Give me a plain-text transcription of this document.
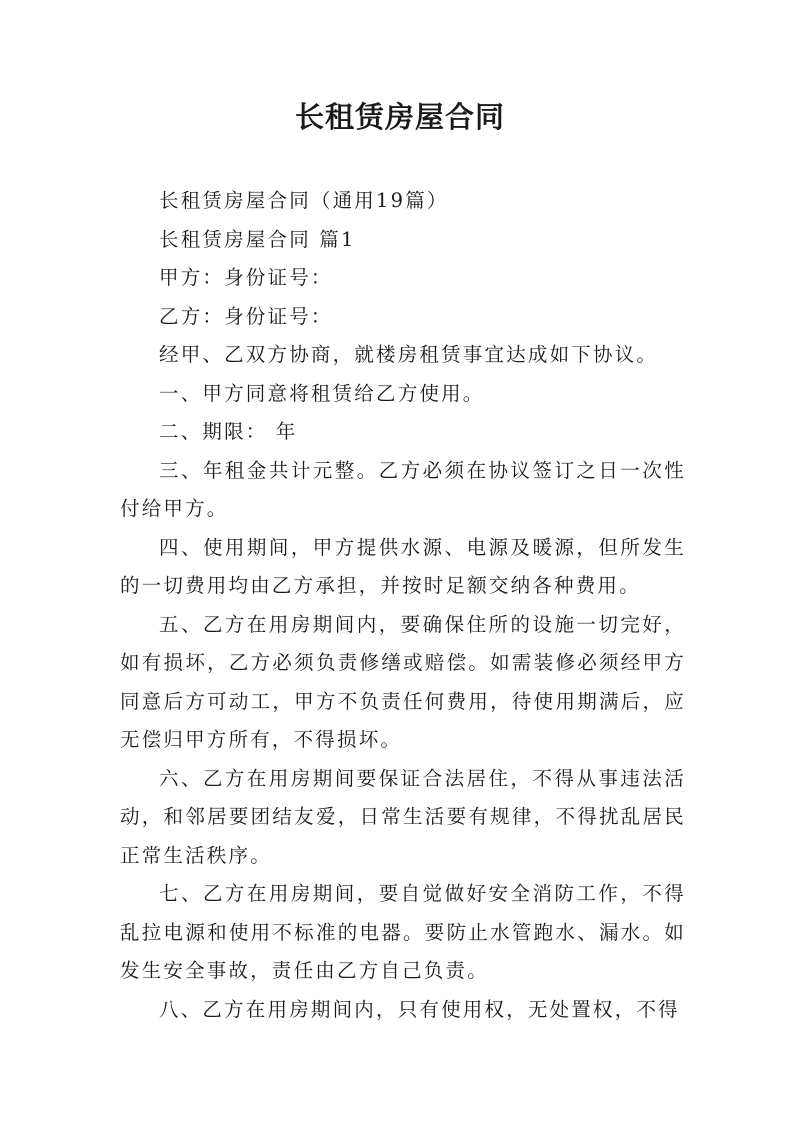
长租赁房屋合同

长租赁房屋合同（通用19篇）

长租赁房屋合同 篇1

甲方：身份证号：

乙方：身份证号：

经甲、乙双方协商，就楼房租赁事宜达成如下协议。

一、甲方同意将租赁给乙方使用。

二、期限： 年

三、年租金共计元整。乙方必须在协议签订之日一次性付给甲方。

四、使用期间，甲方提供水源、电源及暖源，但所发生的一切费用均由乙方承担，并按时足额交纳各种费用。

五、乙方在用房期间内，要确保住所的设施一切完好，如有损坏，乙方必须负责修缮或赔偿。如需装修必须经甲方同意后方可动工，甲方不负责任何费用，待使用期满后，应无偿归甲方所有，不得损坏。

六、乙方在用房期间要保证合法居住，不得从事违法活动，和邻居要团结友爱，日常生活要有规律，不得扰乱居民正常生活秩序。

七、乙方在用房期间，要自觉做好安全消防工作，不得乱拉电源和使用不标准的电器。要防止水管跑水、漏水。如发生安全事故，责任由乙方自己负责。

八、乙方在用房期间内，只有使用权，无处置权，不得
